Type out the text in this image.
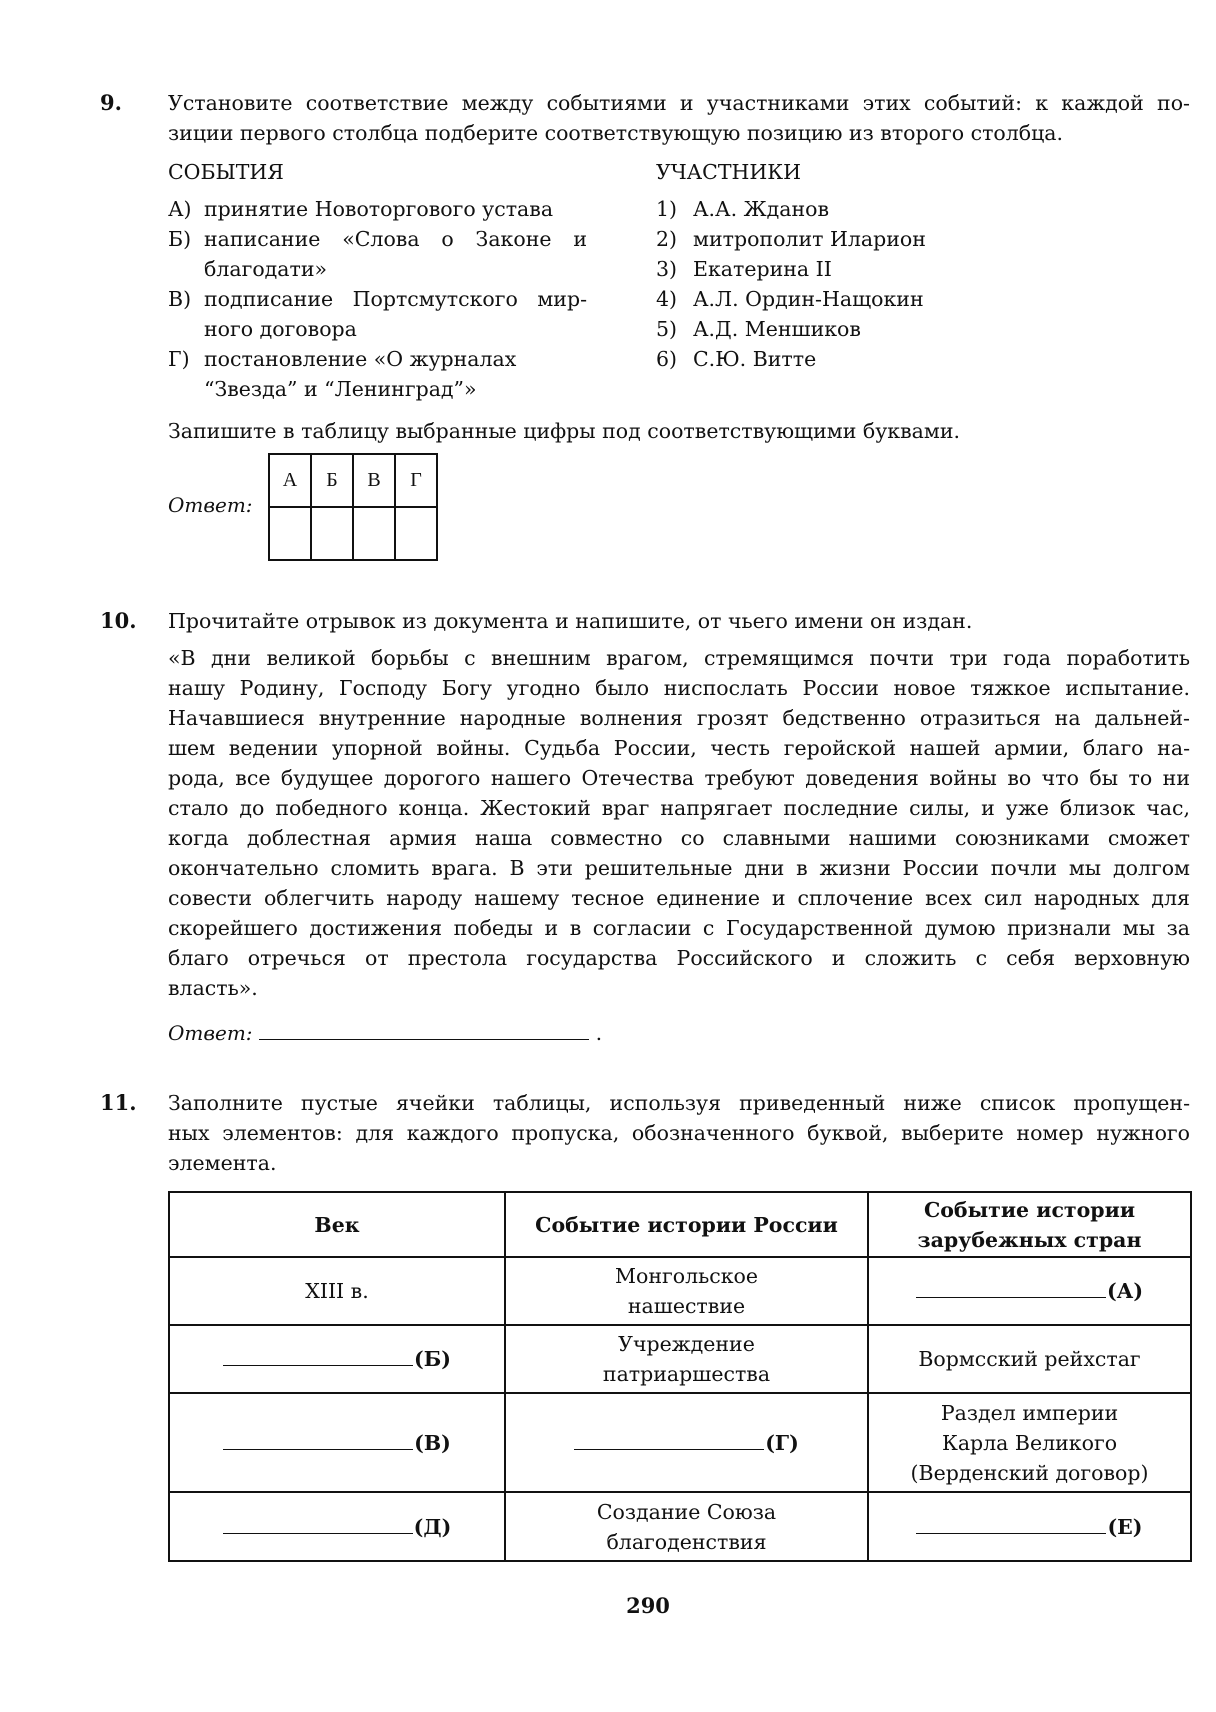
9. Установите соответствие между событиями и участниками этих событий: к каждой по-
зиции первого столбца подберите соответствующую позицию из второго столбца.
СОБЫТИЯ	УЧАСТНИКИ
А) принятие Новоторгового устава
Б) написание «Слова о Законе и
благодати»
В) подписание Портсмутского мир-
ного договора
Г) постановление «О журналах
“Звезда” и “Ленинград”»
1) А.А. Жданов
2) митрополит Иларион
3) Екатерина II
4) А.Л. Ордин-Нащокин
5) А.Д. Меншиков
6) С.Ю. Витте
Запишите в таблицу выбранные цифры под соответствующими буквами.
Ответ:
А	Б	В	Г

10. Прочитайте отрывок из документа и напишите, от чьего имени он издан.
«В дни великой борьбы с внешним врагом, стремящимся почти три года поработить
нашу Родину, Господу Богу угодно было ниспослать России новое тяжкое испытание.
Начавшиеся внутренние народные волнения грозят бедственно отразиться на дальней-
шем ведении упорной войны. Судьба России, честь геройской нашей армии, благо на-
рода, все будущее дорогого нашего Отечества требуют доведения войны во что бы то ни
стало до победного конца. Жестокий враг напрягает последние силы, и уже близок час,
когда доблестная армия наша совместно со славными нашими союзниками сможет
окончательно сломить врага. В эти решительные дни в жизни России почли мы долгом
совести облегчить народу нашему тесное единение и сплочение всех сил народных для
скорейшего достижения победы и в согласии с Государственной думою признали мы за
благо отречься от престола государства Российского и сложить с себя верховную
власть».
Ответ:	.
11. Заполните пустые ячейки таблицы, используя приведенный ниже список пропущен-
ных элементов: для каждого пропуска, обозначенного буквой, выберите номер нужного
элемента.
Век	Событие истории России	Событие истории
зарубежных стран

XIII в.	Монгольское
нашествие	(А)
(Б)	Учреждение
патриаршества	Вормсский рейхстаг
(В)	(Г)	Раздел империи
Карла Великого
(Верденский договор)

(Д)	Создание Союза
благоденствия	(Е)
290
